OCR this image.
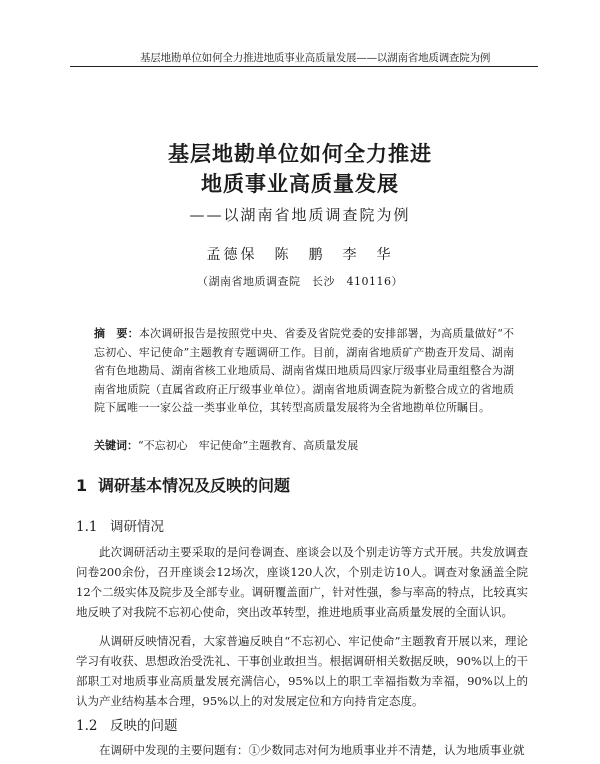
基层地勘单位如何全力推进地质事业高质量发展——以湖南省地质调查院为例
基层地勘单位如何全力推进
地质事业高质量发展
——以湖南省地质调查院为例
孟德保　陈　鹏　李　华
（湖南省地质调查院　长沙　410116）
摘　要：本次调研报告是按照党中央、省委及省院党委的安排部署，为高质量做好“不忘初心、牢记使命”主题教育专题调研工作。目前，湖南省地质矿产勘查开发局、湖南省有色地勘局、湖南省核工业地质局、湖南省煤田地质局四家厅级事业局重组整合为湖南省地质院（直属省政府正厅级事业单位）。湖南省地质调查院为新整合成立的省地质院下属唯一一家公益一类事业单位，其转型高质量发展将为全省地勘单位所瞩目。
关键词：“不忘初心　牢记使命”主题教育、高质量发展
1 调研基本情况及反映的问题
1.1 调研情况
此次调研活动主要采取的是问卷调查、座谈会以及个别走访等方式开展。共发放调查问卷200余份，召开座谈会12场次，座谈120人次，个别走访10人。调查对象涵盖全院12个二级实体及院步及全部专业。调研覆盖面广，针对性强，参与率高的特点，比较真实地反映了对我院不忘初心使命，突出改革转型，推进地质事业高质量发展的全面认识。
从调研反映情况看，大家普遍反映自“不忘初心、牢记使命”主题教育开展以来，理论学习有收获、思想政治受洗礼、干事创业敢担当。根据调研相关数据反映，90%以上的干部职工对地质事业高质量发展充满信心，95%以上的职工幸福指数为幸福，90%以上的认为产业结构基本合理，95%以上的对发展定位和方向持肯定态度。
1.2 反映的问题
在调研中发现的主要问题有：①少数同志对何为地质事业并不清楚，认为地质事业就
